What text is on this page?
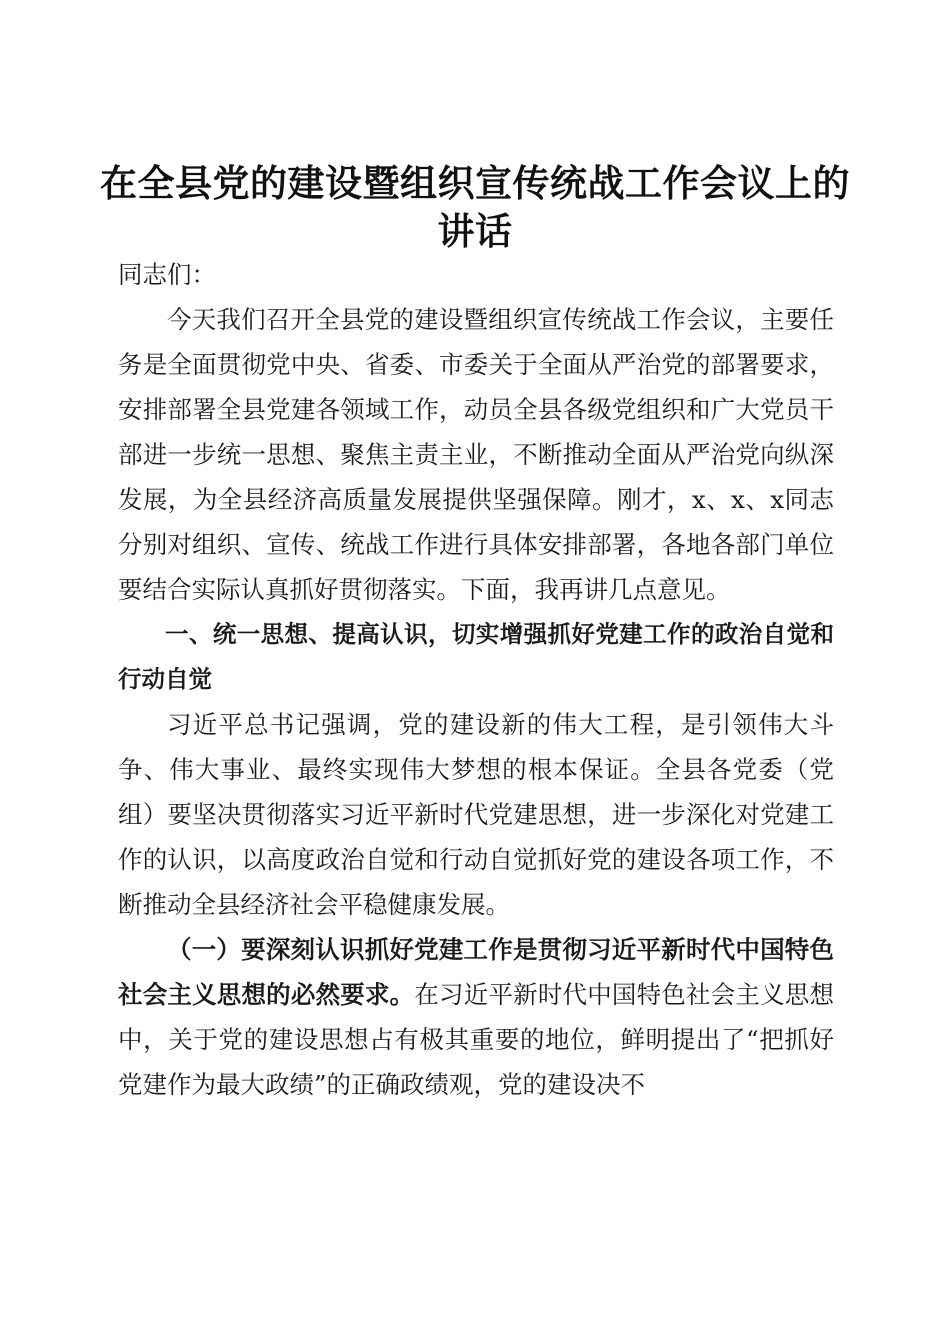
在全县党的建设暨组织宣传统战工作会议上的讲话

同志们：

今天我们召开全县党的建设暨组织宣传统战工作会议，主要任务是全面贯彻党中央、省委、市委关于全面从严治党的部署要求，安排部署全县党建各领域工作，动员全县各级党组织和广大党员干部进一步统一思想、聚焦主责主业，不断推动全面从严治党向纵深发展，为全县经济高质量发展提供坚强保障。刚才，x、x、x同志分别对组织、宣传、统战工作进行具体安排部署，各地各部门单位要结合实际认真抓好贯彻落实。下面，我再讲几点意见。

一、统一思想、提高认识，切实增强抓好党建工作的政治自觉和行动自觉

习近平总书记强调，党的建设新的伟大工程，是引领伟大斗争、伟大事业、最终实现伟大梦想的根本保证。全县各党委（党组）要坚决贯彻落实习近平新时代党建思想，进一步深化对党建工作的认识，以高度政治自觉和行动自觉抓好党的建设各项工作，不断推动全县经济社会平稳健康发展。

（一）要深刻认识抓好党建工作是贯彻习近平新时代中国特色社会主义思想的必然要求。在习近平新时代中国特色社会主义思想中，关于党的建设思想占有极其重要的地位，鲜明提出了“把抓好党建作为最大政绩”的正确政绩观，党的建设决不
